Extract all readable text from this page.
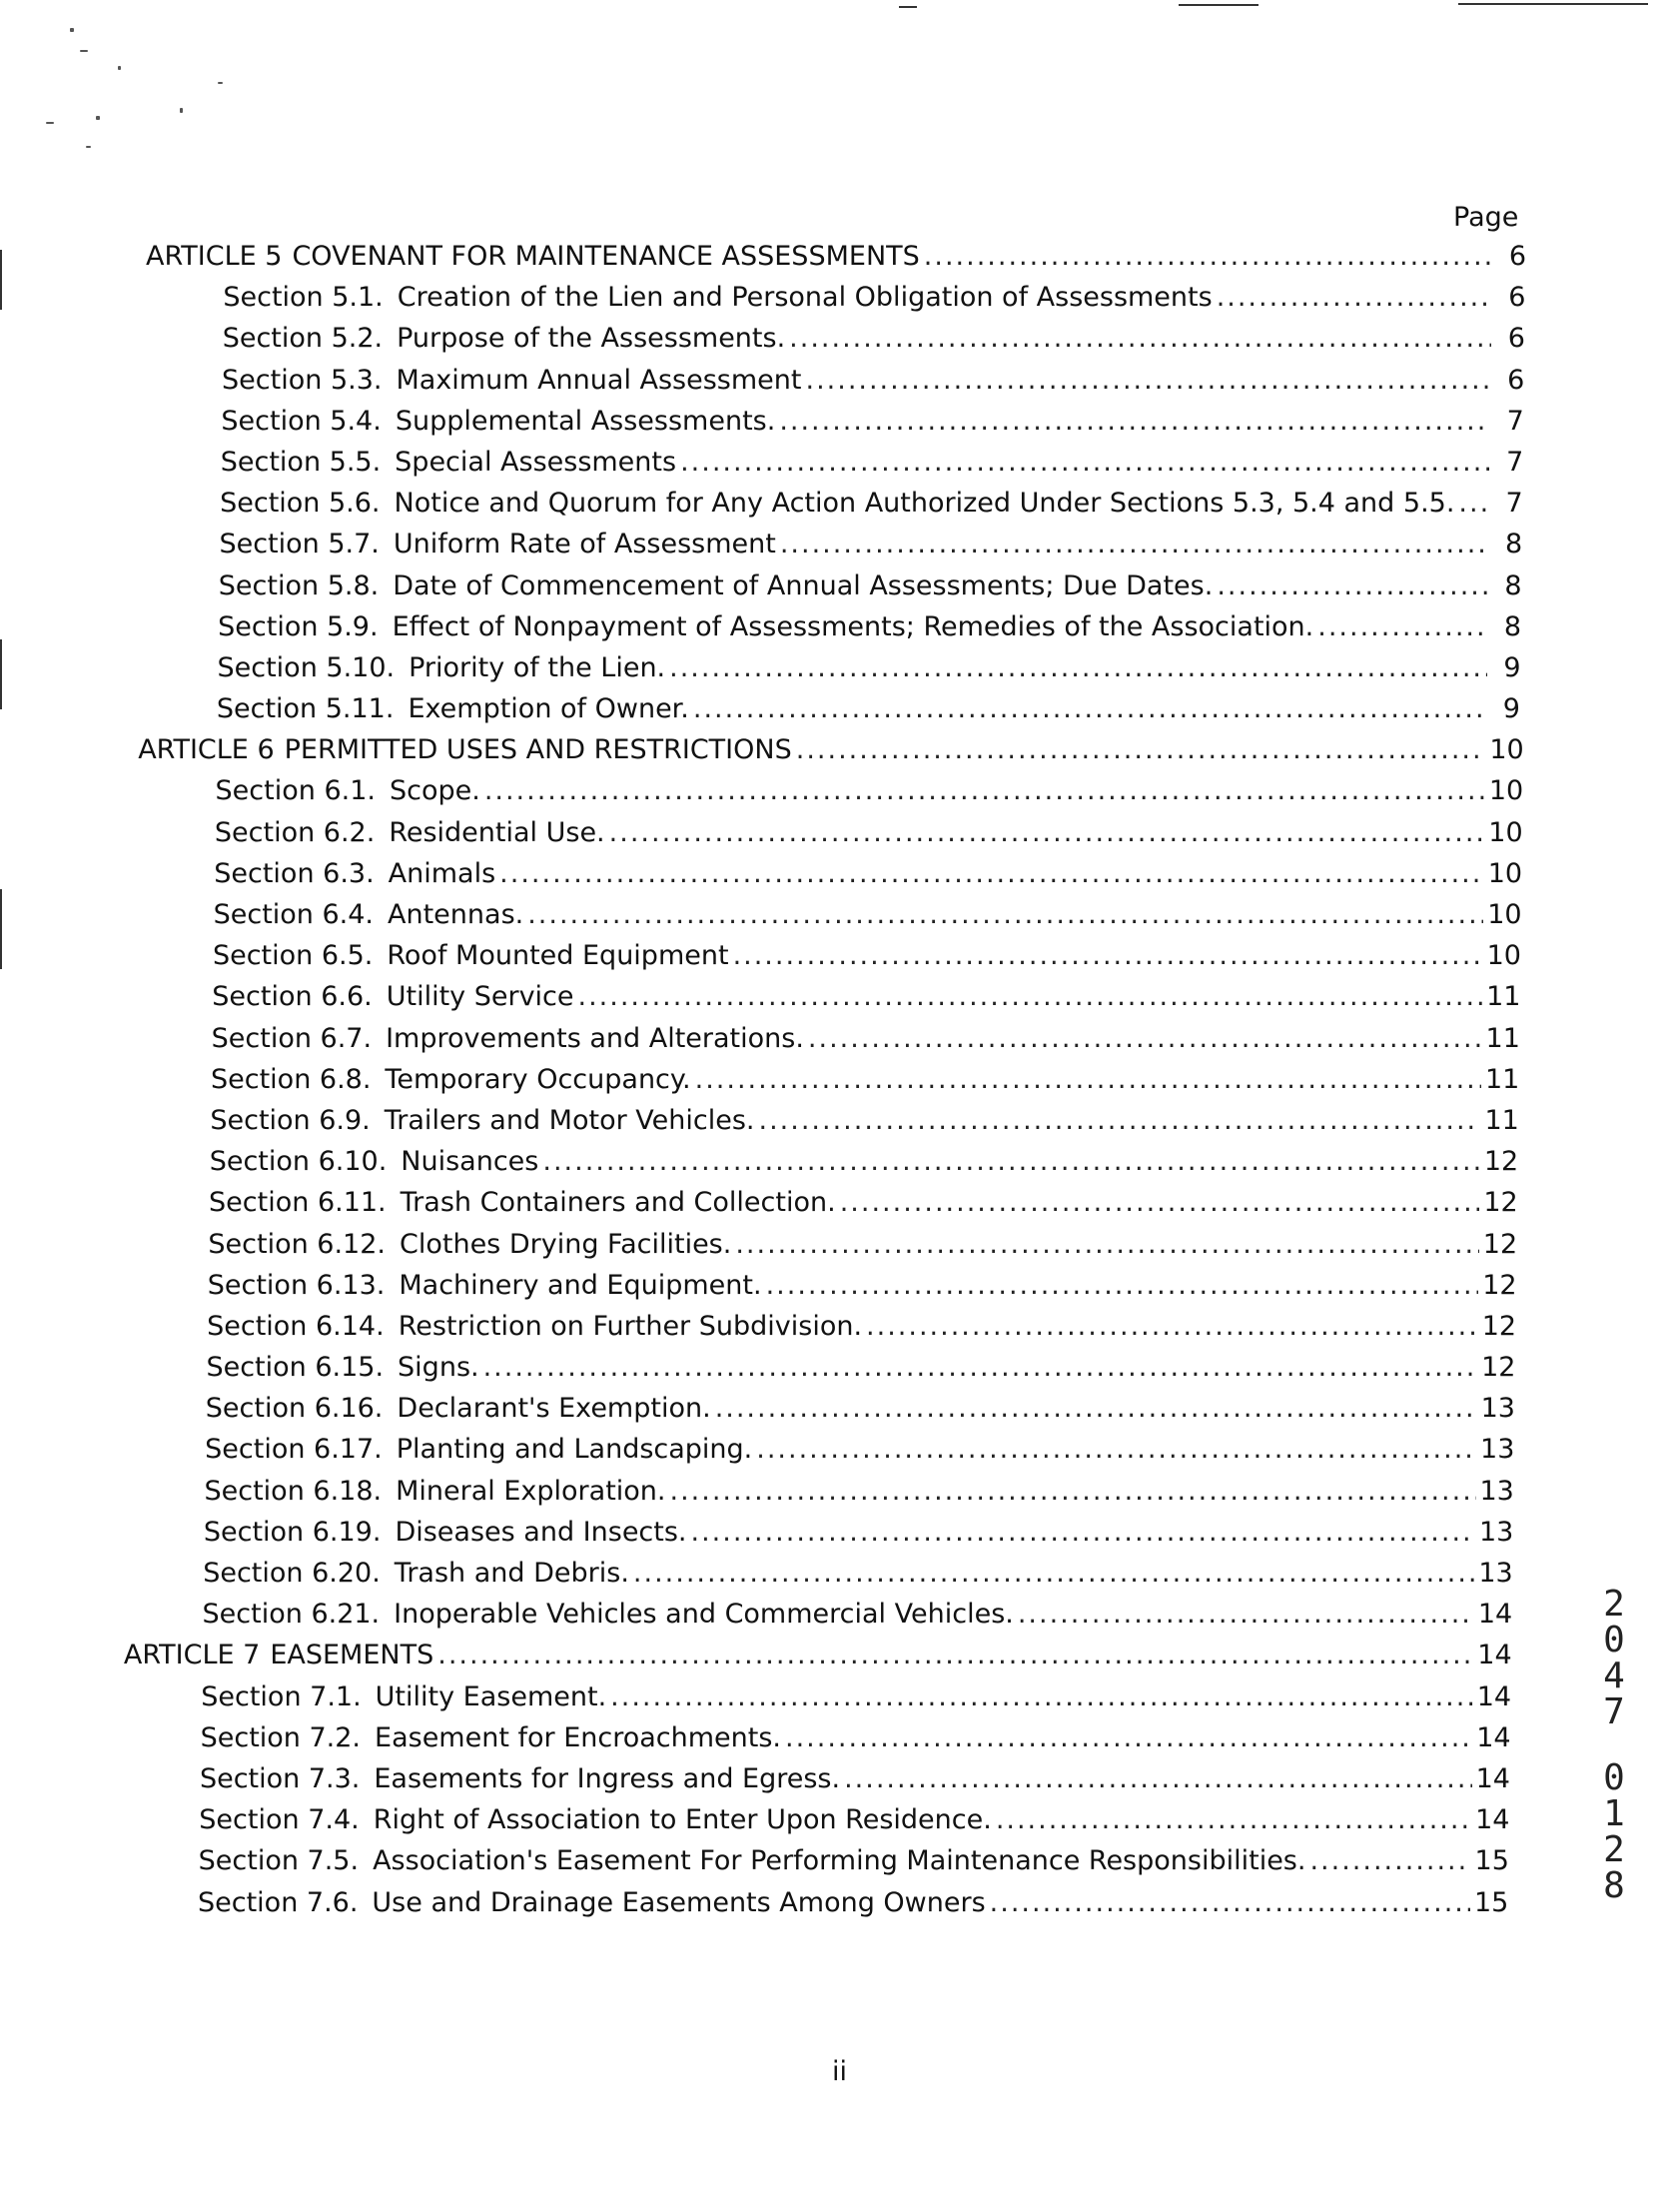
Page
ARTICLE 5 COVENANT FOR MAINTENANCE ASSESSMENTS .....	6
Section 5.1. Creation of the Lien and Personal Obligation of Assessments .....	6
Section 5.2. Purpose of the Assessments. .....	6
Section 5.3. Maximum Annual Assessment .....	6
Section 5.4. Supplemental Assessments. .....	7
Section 5.5. Special Assessments .....	7
Section 5.6. Notice and Quorum for Any Action Authorized Under Sections 5.3, 5.4 and 5.5. .....	7
Section 5.7. Uniform Rate of Assessment .....	8
Section 5.8. Date of Commencement of Annual Assessments; Due Dates. .....	8
Section 5.9. Effect of Nonpayment of Assessments; Remedies of the Association. .....	8
Section 5.10. Priority of the Lien. .....	9
Section 5.11. Exemption of Owner. .....	9
ARTICLE 6 PERMITTED USES AND RESTRICTIONS .....	10
Section 6.1. Scope. .....	10
Section 6.2. Residential Use. .....	10
Section 6.3. Animals .....	10
Section 6.4. Antennas. .....	10
Section 6.5. Roof Mounted Equipment .....	10
Section 6.6. Utility Service .....	11
Section 6.7. Improvements and Alterations. .....	11
Section 6.8. Temporary Occupancy. .....	11
Section 6.9. Trailers and Motor Vehicles. .....	11
Section 6.10. Nuisances .....	12
Section 6.11. Trash Containers and Collection. .....	12
Section 6.12. Clothes Drying Facilities. .....	12
Section 6.13. Machinery and Equipment. .....	12
Section 6.14. Restriction on Further Subdivision. .....	12
Section 6.15. Signs. .....	12
Section 6.16. Declarant's Exemption. .....	13
Section 6.17. Planting and Landscaping. .....	13
Section 6.18. Mineral Exploration. .....	13
Section 6.19. Diseases and Insects. .....	13
Section 6.20. Trash and Debris. .....	13
Section 6.21. Inoperable Vehicles and Commercial Vehicles. .....	14
ARTICLE 7 EASEMENTS .....	14
Section 7.1. Utility Easement. .....	14
Section 7.2. Easement for Encroachments. .....	14
Section 7.3. Easements for Ingress and Egress. .....	14
Section 7.4. Right of Association to Enter Upon Residence. .....	14
Section 7.5. Association's Easement For Performing Maintenance Responsibilities. .....	15
Section 7.6. Use and Drainage Easements Among Owners .....	15
ii
2
0
4
7
0
1
2
8
